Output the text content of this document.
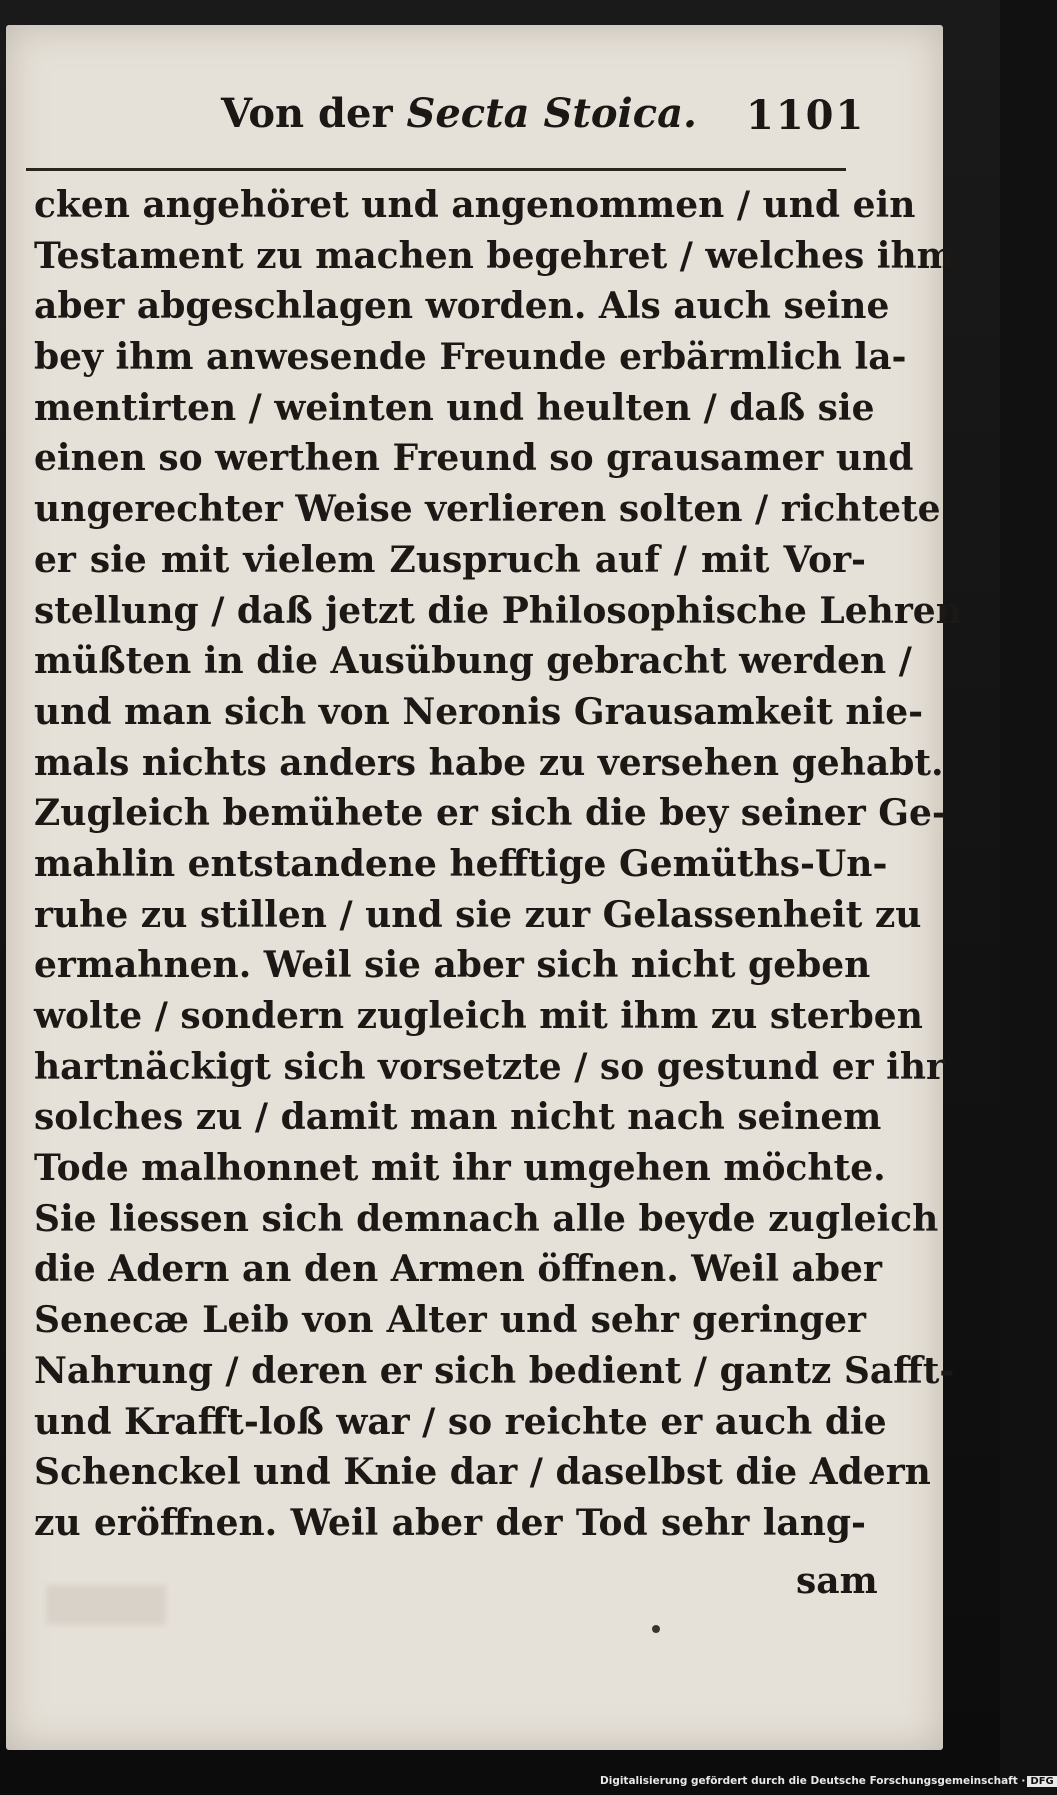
Von der Secta Stoica. 1101
cken angehöret und angenommen / und ein
Testament zu machen begehret / welches ihm
aber abgeschlagen worden. Als auch seine
bey ihm anwesende Freunde erbärmlich la-
mentirten / weinten und heulten / daß sie
einen so werthen Freund so grausamer und
ungerechter Weise verlieren solten / richtete
er sie mit vielem Zuspruch auf / mit Vor-
stellung / daß jetzt die Philosophische Lehren
müßten in die Ausübung gebracht werden /
und man sich von Neronis Grausamkeit nie-
mals nichts anders habe zu versehen gehabt.
Zugleich bemühete er sich die bey seiner Ge-
mahlin entstandene hefftige Gemüths-Un-
ruhe zu stillen / und sie zur Gelassenheit zu
ermahnen. Weil sie aber sich nicht geben
wolte / sondern zugleich mit ihm zu sterben
hartnäckigt sich vorsetzte / so gestund er ihr
solches zu / damit man nicht nach seinem
Tode malhonnet mit ihr umgehen möchte.
Sie liessen sich demnach alle beyde zugleich
die Adern an den Armen öffnen. Weil aber
Senecæ Leib von Alter und sehr geringer
Nahrung / deren er sich bedient / gantz Safft-
und Krafft-loß war / so reichte er auch die
Schenckel und Knie dar / daselbst die Adern
zu eröffnen. Weil aber der Tod sehr lang-
sam
Digitalisierung gefördert durch die Deutsche Forschungsgemeinschaft · DFG
